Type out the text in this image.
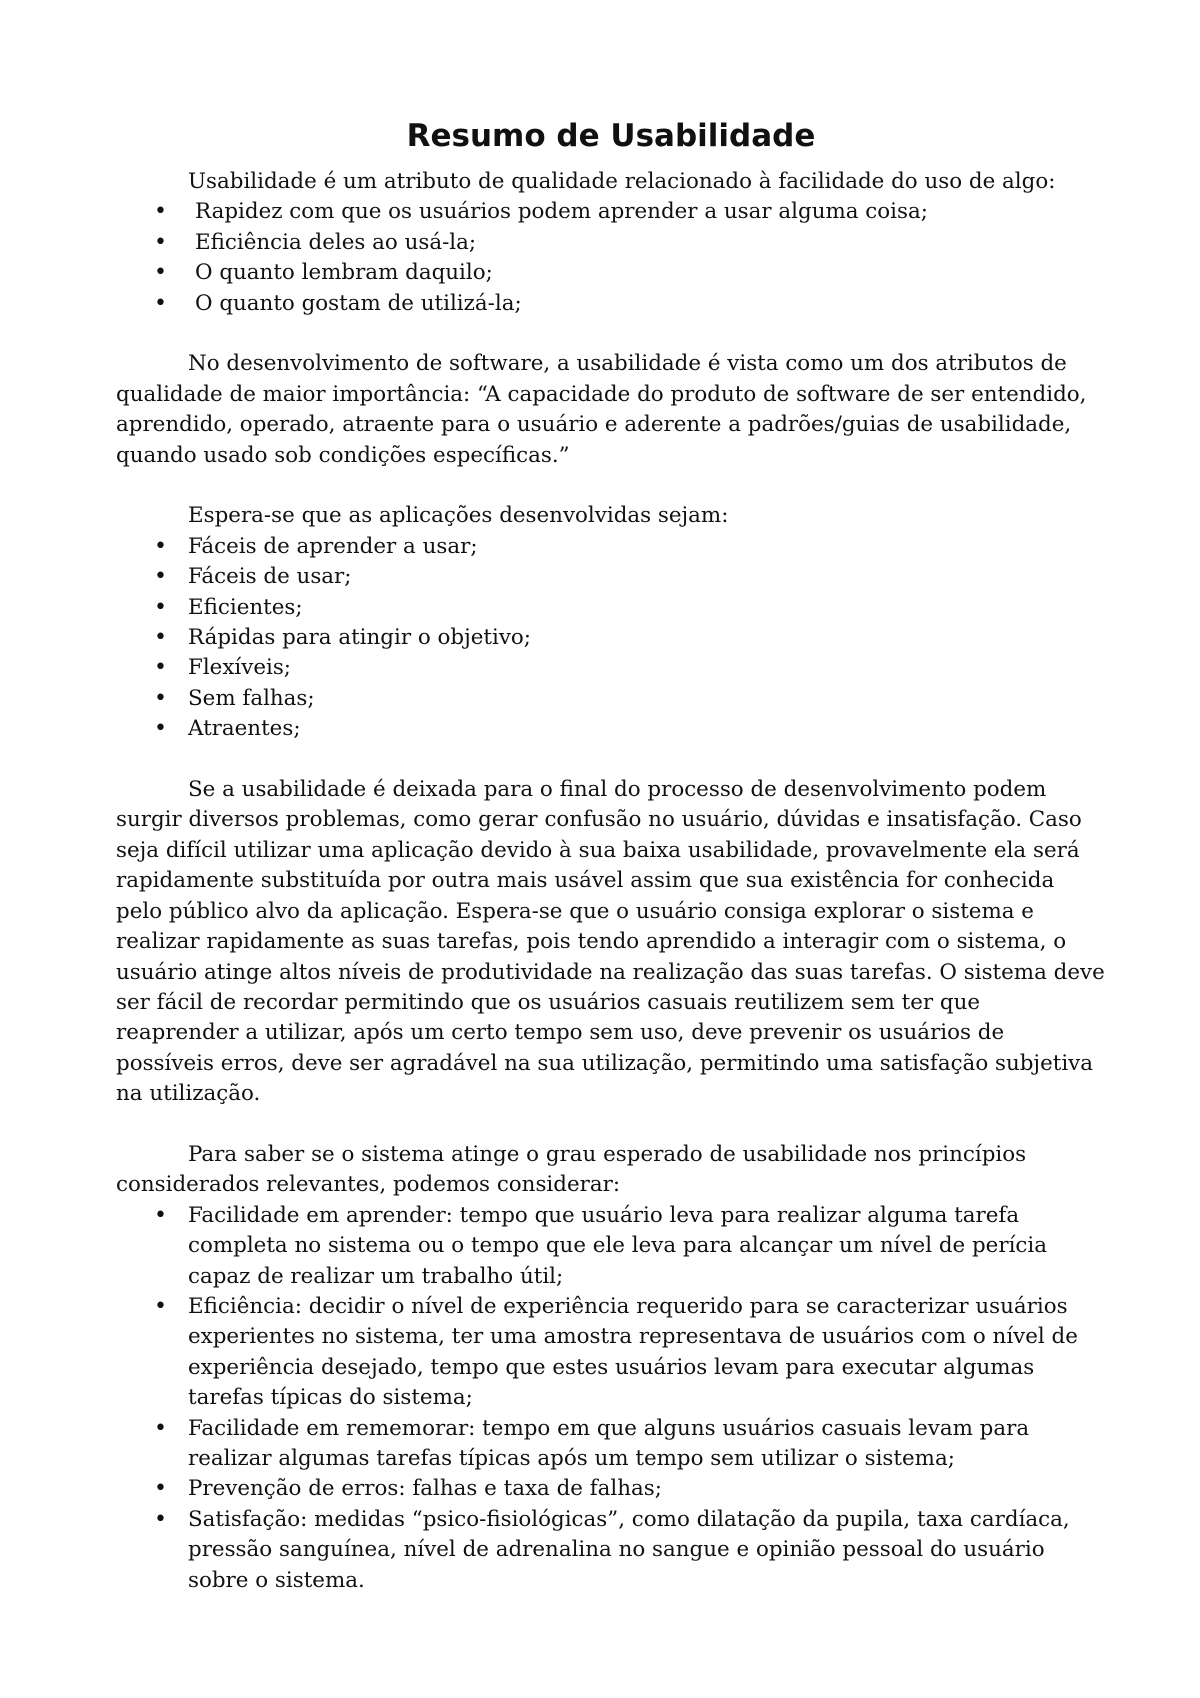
Resumo de Usabilidade

Usabilidade é um atributo de qualidade relacionado à facilidade do uso de algo:

• Rapidez com que os usuários podem aprender a usar alguma coisa;
• Eficiência deles ao usá-la;
• O quanto lembram daquilo;
• O quanto gostam de utilizá-la;

No desenvolvimento de software, a usabilidade é vista como um dos atributos de qualidade de maior importância: “A capacidade do produto de software de ser entendido, aprendido, operado, atraente para o usuário e aderente a padrões/guias de usabilidade, quando usado sob condições específicas.”

Espera-se que as aplicações desenvolvidas sejam:

• Fáceis de aprender a usar;
• Fáceis de usar;
• Eficientes;
• Rápidas para atingir o objetivo;
• Flexíveis;
• Sem falhas;
• Atraentes;

Se a usabilidade é deixada para o final do processo de desenvolvimento podem surgir diversos problemas, como gerar confusão no usuário, dúvidas e insatisfação. Caso seja difícil utilizar uma aplicação devido à sua baixa usabilidade, provavelmente ela será rapidamente substituída por outra mais usável assim que sua existência for conhecida pelo público alvo da aplicação. Espera-se que o usuário consiga explorar o sistema e realizar rapidamente as suas tarefas, pois tendo aprendido a interagir com o sistema, o usuário atinge altos níveis de produtividade na realização das suas tarefas. O sistema deve ser fácil de recordar permitindo que os usuários casuais reutilizem sem ter que reaprender a utilizar, após um certo tempo sem uso, deve prevenir os usuários de possíveis erros, deve ser agradável na sua utilização, permitindo uma satisfação subjetiva na utilização.

Para saber se o sistema atinge o grau esperado de usabilidade nos princípios considerados relevantes, podemos considerar:

• Facilidade em aprender: tempo que usuário leva para realizar alguma tarefa completa no sistema ou o tempo que ele leva para alcançar um nível de perícia capaz de realizar um trabalho útil;
• Eficiência: decidir o nível de experiência requerido para se caracterizar usuários experientes no sistema, ter uma amostra representava de usuários com o nível de experiência desejado, tempo que estes usuários levam para executar algumas tarefas típicas do sistema;
• Facilidade em rememorar: tempo em que alguns usuários casuais levam para realizar algumas tarefas típicas após um tempo sem utilizar o sistema;
• Prevenção de erros: falhas e taxa de falhas;
• Satisfação: medidas “psico-fisiológicas”, como dilatação da pupila, taxa cardíaca, pressão sanguínea, nível de adrenalina no sangue e opinião pessoal do usuário sobre o sistema.
